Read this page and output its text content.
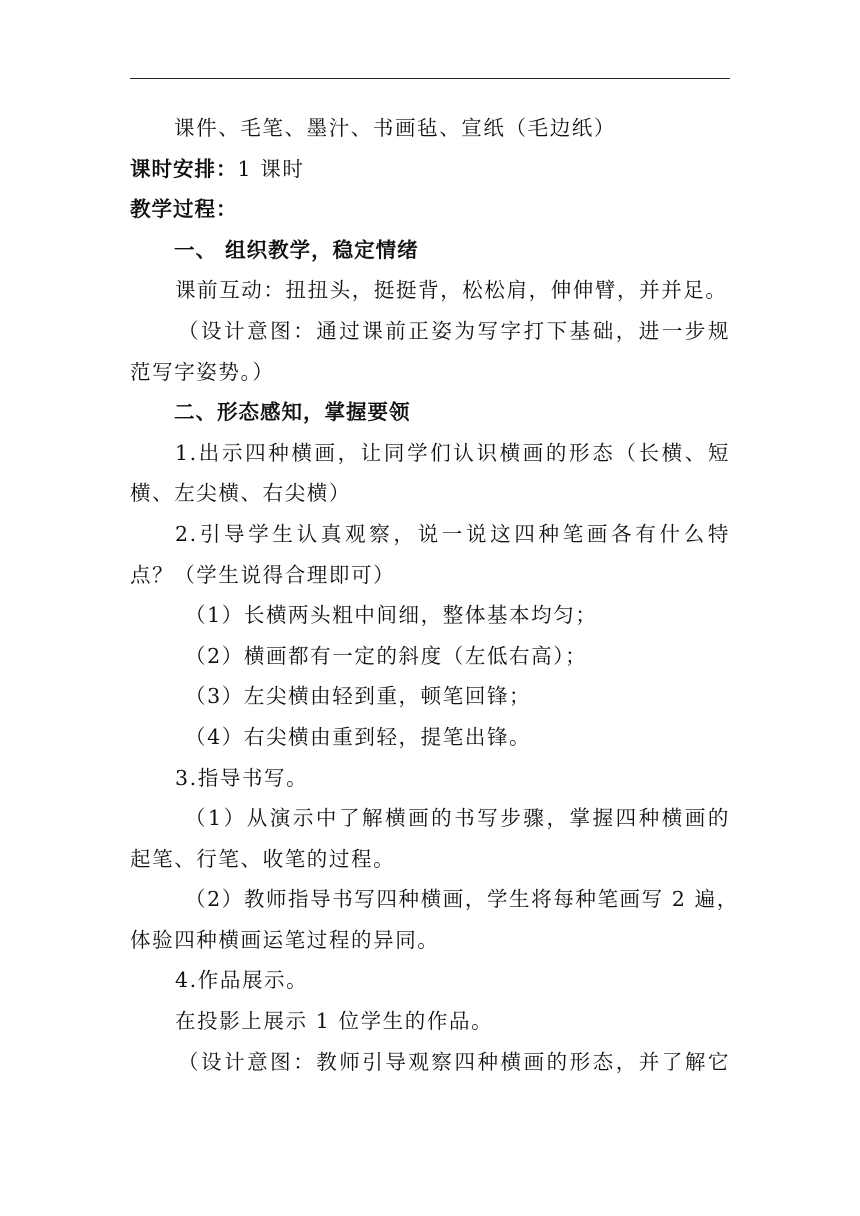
课件、毛笔、墨汁、书画毡、宣纸（毛边纸）
课时安排：1 课时
教学过程：
一、 组织教学，稳定情绪
课前互动：扭扭头，挺挺背，松松肩，伸伸臂，并并足。
（设计意图：通过课前正姿为写字打下基础，进一步规
范写字姿势。）
二、形态感知，掌握要领
1.出示四种横画，让同学们认识横画的形态（长横、短
横、左尖横、右尖横）
2.引导学生认真观察，说一说这四种笔画各有什么特
点？（学生说得合理即可）
（1）长横两头粗中间细，整体基本均匀；
（2）横画都有一定的斜度（左低右高）；
（3）左尖横由轻到重，顿笔回锋；
（4）右尖横由重到轻，提笔出锋。
3.指导书写。
（1）从演示中了解横画的书写步骤，掌握四种横画的
起笔、行笔、收笔的过程。
（2）教师指导书写四种横画，学生将每种笔画写 2 遍，
体验四种横画运笔过程的异同。
4.作品展示。
在投影上展示 1 位学生的作品。
（设计意图：教师引导观察四种横画的形态，并了解它
